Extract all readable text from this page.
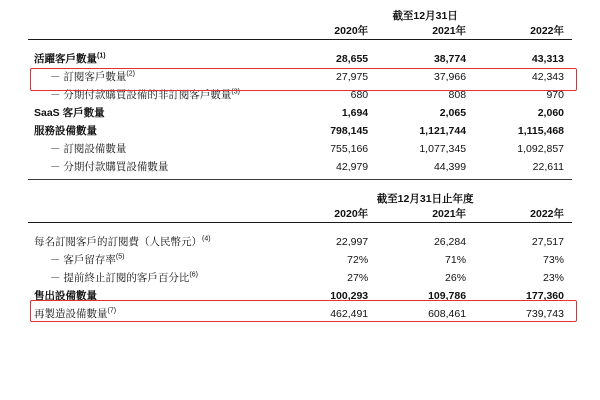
	截至12月31日		
	2020年	2021年	2022年

活躍客戶數量$^{(1)}$	28,655	38,774	43,313
－ 訂閱客戶數量$^{(2)}$	27,975	37,966	42,343
－ 分期付款購買設備的非訂閱客戶數量$^{(3)}$	680	808	970
SaaS 客戶數量	1,694	2,065	2,060
服務設備數量	798,145	1,121,744	1,115,468
－ 訂閱設備數量	755,166	1,077,345	1,092,857
－ 分期付款購買設備數量	42,979	44,399	22,611

	截至12月31日止年度		
	2020年	2021年	2022年

每名訂閱客戶的訂閱費（人民幣元）$^{(4)}$	22,997	26,284	27,517
－ 客戶留存率$^{(5)}$	72%	71%	73%
－ 提前終止訂閱的客戶百分比$^{(6)}$	27%	26%	23%
售出設備數量	100,293	109,786	177,360
再製造設備數量$^{(7)}$	462,491	608,461	739,743
